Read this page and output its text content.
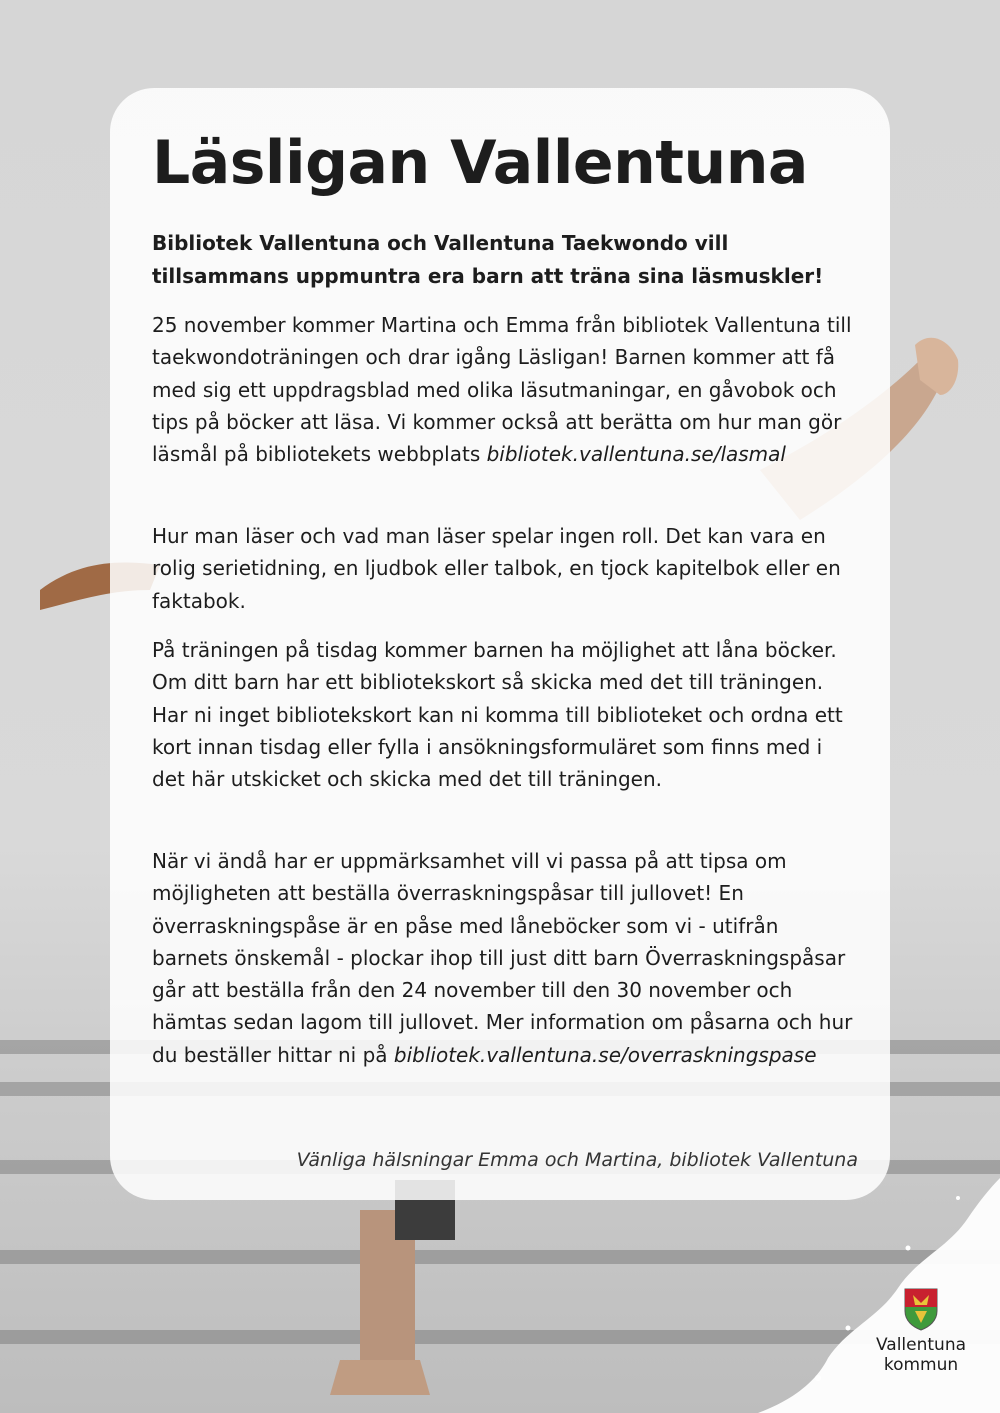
Läsligan Vallentuna

Bibliotek Vallentuna och Vallentuna Taekwondo vill tillsammans uppmuntra era barn att träna sina läsmuskler!

25 november kommer Martina och Emma från bibliotek Vallentuna till taekwondoträningen och drar igång Läsligan! Barnen kommer att få med sig ett uppdragsblad med olika läsutmaningar, en gåvobok och tips på böcker att läsa. Vi kommer också att berätta om hur man gör läsmål på bibliotekets webbplats bibliotek.vallentuna.se/lasmal

Hur man läser och vad man läser spelar ingen roll. Det kan vara en rolig serietidning, en ljudbok eller talbok, en tjock kapitelbok eller en faktabok.

På träningen på tisdag kommer barnen ha möjlighet att låna böcker. Om ditt barn har ett bibliotekskort så skicka med det till träningen. Har ni inget bibliotekskort kan ni komma till biblioteket och ordna ett kort innan tisdag eller fylla i ansökningsformuläret som finns med i det här utskicket och skicka med det till träningen.

När vi ändå har er uppmärksamhet vill vi passa på att tipsa om möjligheten att beställa överraskningspåsar till jullovet! En överraskningspåse är en påse med låneböcker som vi - utifrån barnets önskemål - plockar ihop till just ditt barn Överraskningspåsar går att beställa från den 24 november till den 30 november och hämtas sedan lagom till jullovet. Mer information om påsarna och hur du beställer hittar ni på bibliotek.vallentuna.se/overraskningspase

Vänliga hälsningar Emma och Martina, bibliotek Vallentuna

Vallentuna
kommun
